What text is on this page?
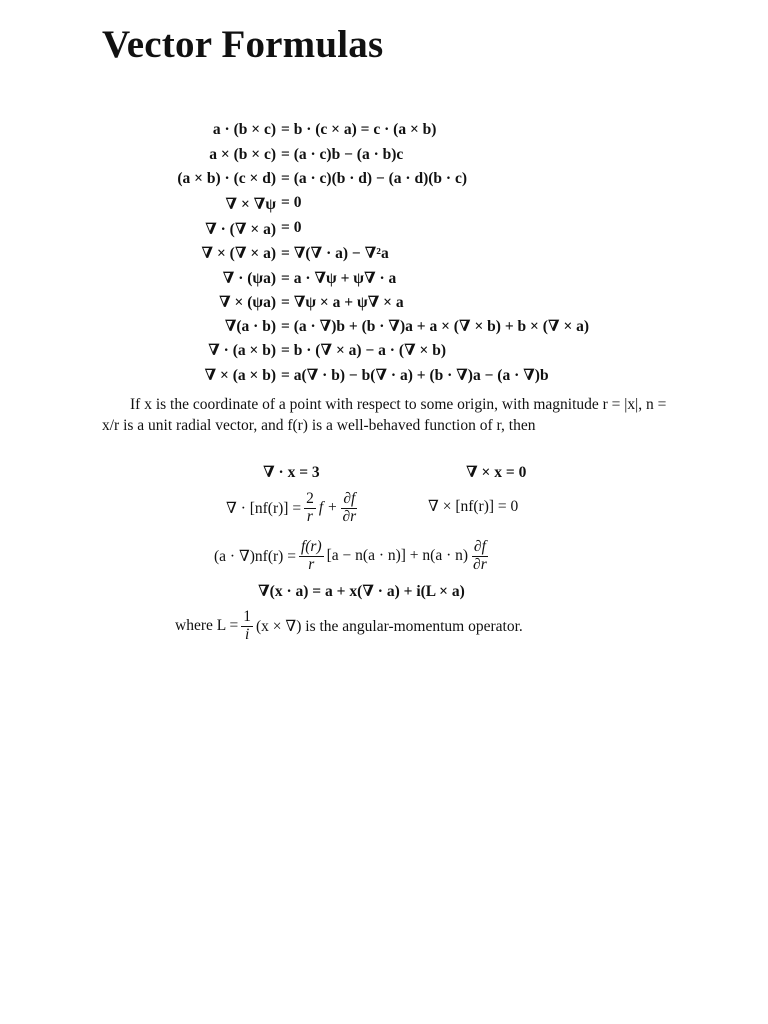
Vector Formulas
a · (b × c) = b · (c × a) = c · (a × b)
a × (b × c) = (a · c)b − (a · b)c
(a × b) · (c × d) = (a · c)(b · d) − (a · d)(b · c)
∇ × ∇ψ = 0
∇ · (∇ × a) = 0
∇ × (∇ × a) = ∇(∇ · a) − ∇²a
∇ · (ψa) = a · ∇ψ + ψ∇ · a
∇ × (ψa) = ∇ψ × a + ψ∇ × a
∇(a · b) = (a · ∇)b + (b · ∇)a + a × (∇ × b) + b × (∇ × a)
∇ · (a × b) = b · (∇ × a) − a · (∇ × b)
∇ × (a × b) = a(∇ · b) − b(∇ · a) + (b · ∇)a − (a · ∇)b
If x is the coordinate of a point with respect to some origin, with magnitude r = |x|, n = x/r is a unit radial vector, and f(r) is a well-behaved function of r, then
∇ · x = 3	∇ × x = 0
∇ · $[nf(r)] = \frac{2}{r}$ $f + \frac{\partial f}{\partial r}$	∇ × [nf(r)] = 0
$(a \cdot \nabla)nf(r) = \frac{f(r)}{r} [a - n(a \cdot n)] + n(a \cdot n) \frac{\partial f}{\partial r}$
∇(x · a) = a + x(∇ · a) + i(L × a)
where $L = \frac{1}{i} (x$ × ∇) is the angular-momentum operator.
